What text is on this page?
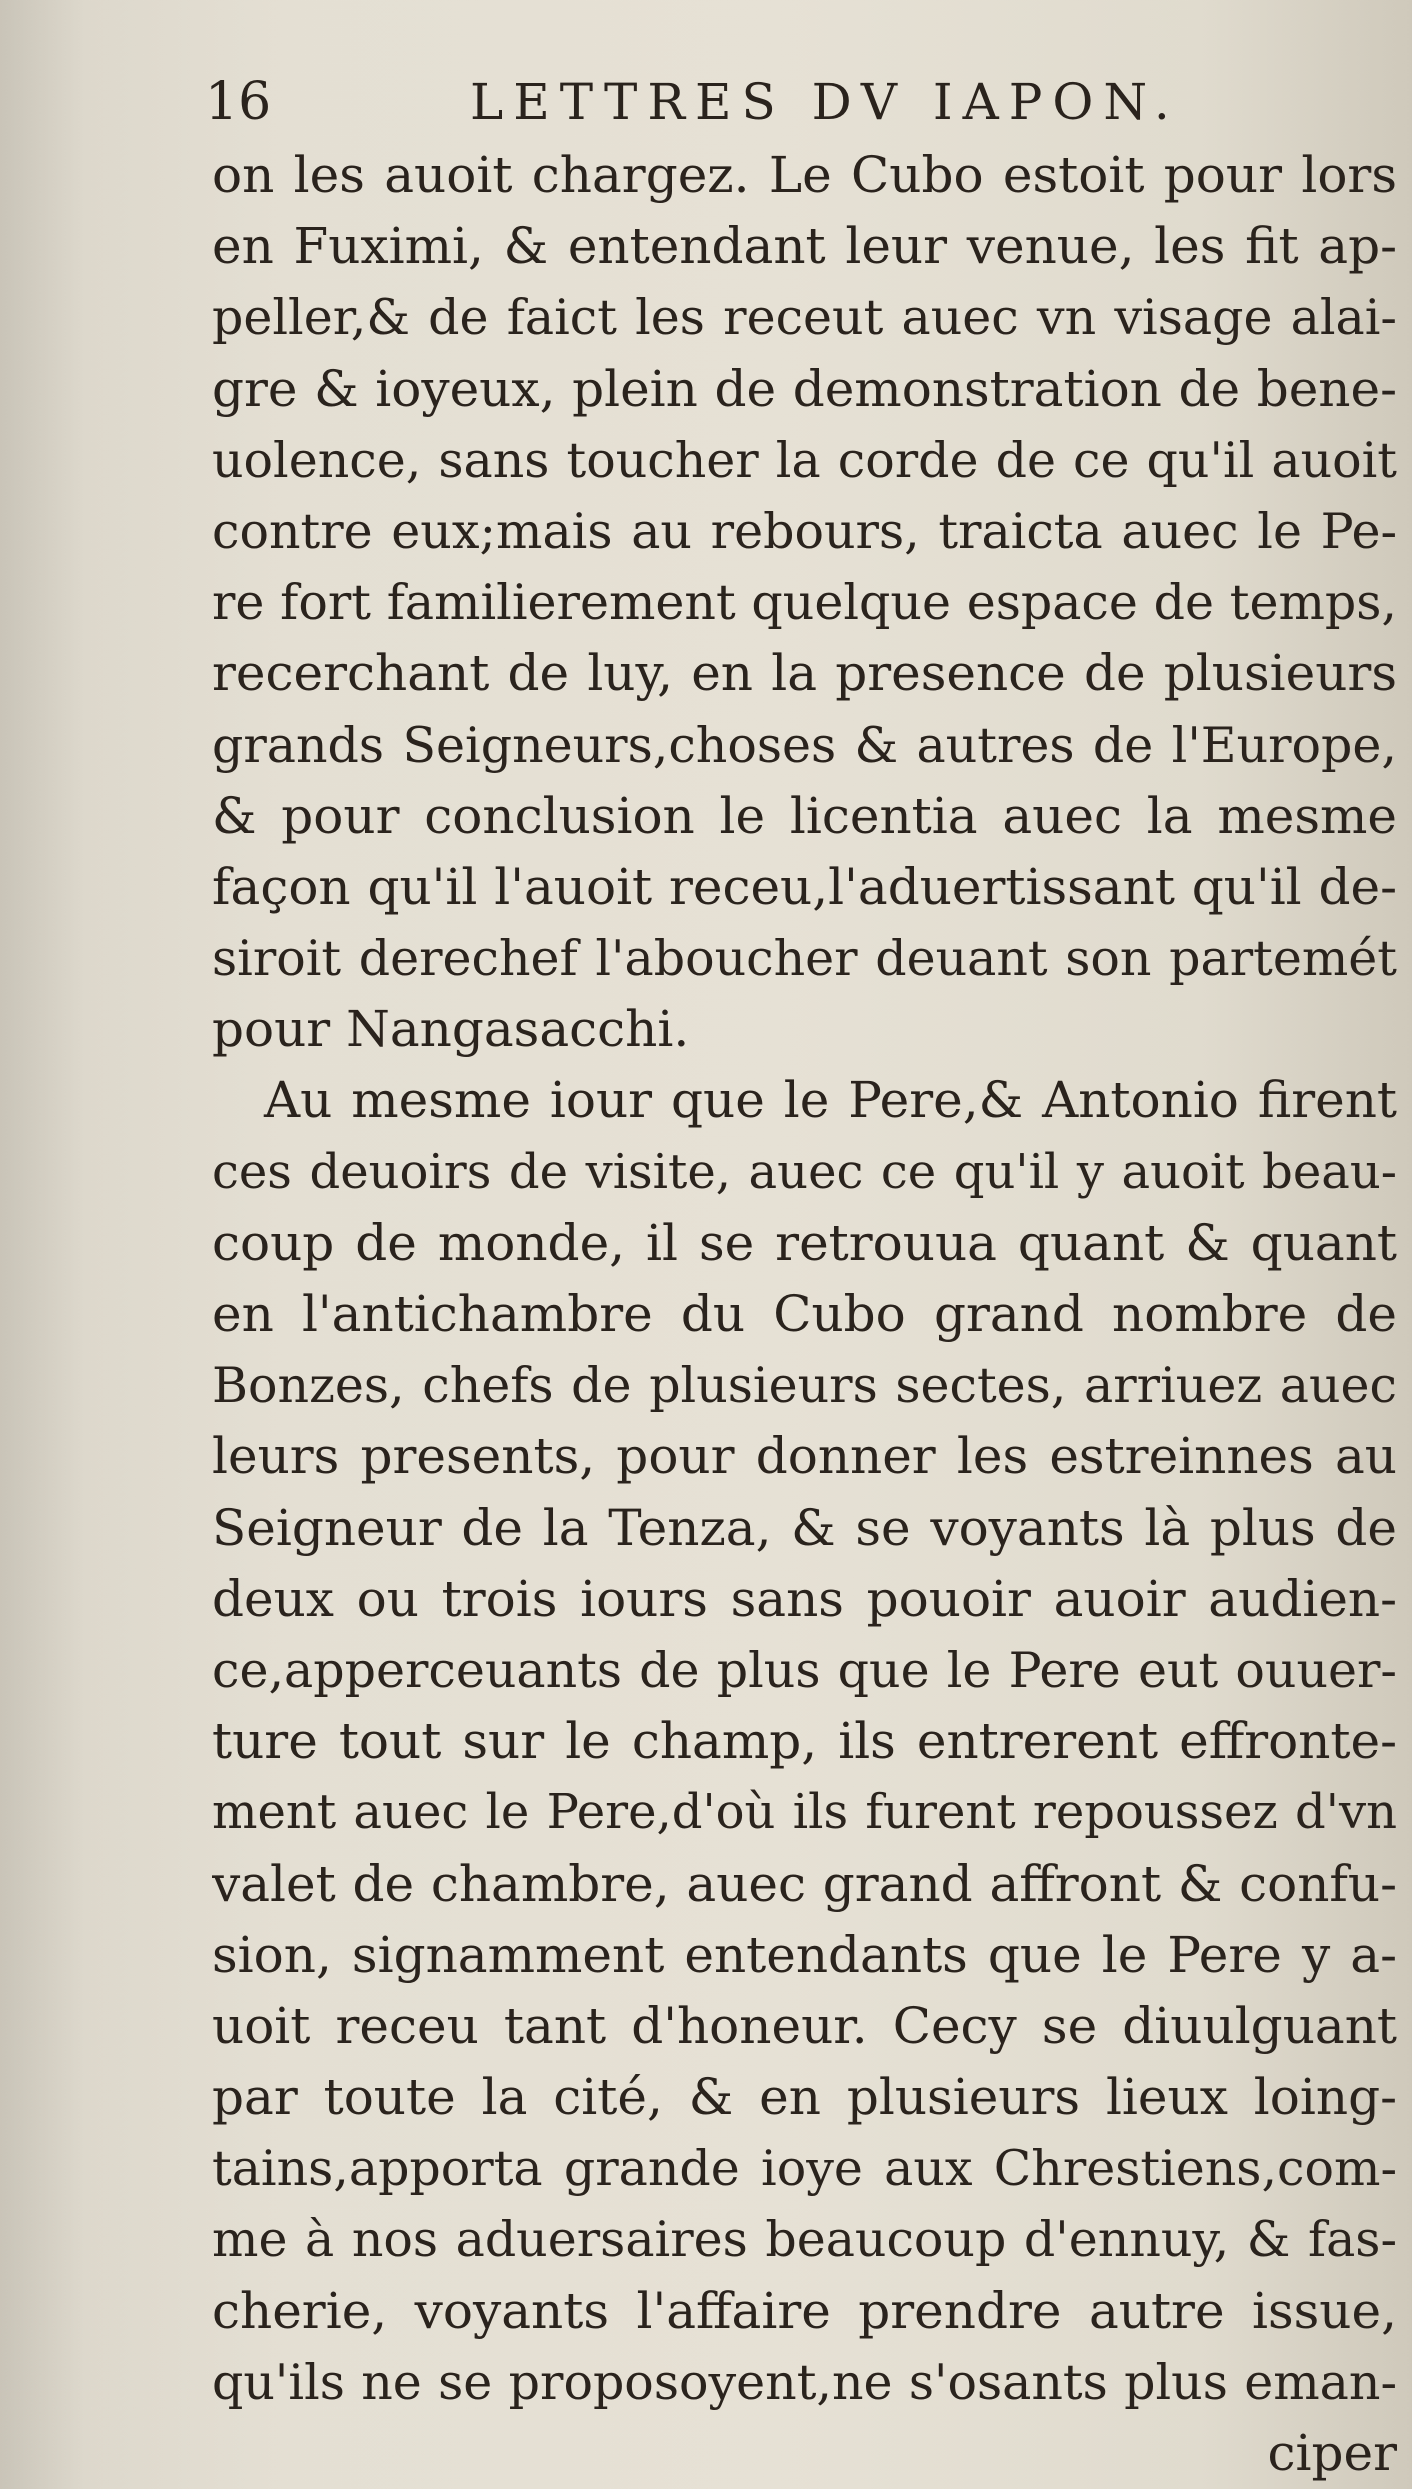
16	LETTRES DV IAPON.
on les auoit chargez. Le Cubo estoit pour lors
en Fuximi, & entendant leur venue, les fit ap-
peller,& de faict les receut auec vn visage alai-
gre & ioyeux, plein de demonstration de bene-
uolence, sans toucher la corde de ce qu'il auoit
contre eux;mais au rebours, traicta auec le Pe-
re fort familierement quelque espace de temps,
recerchant de luy, en la presence de plusieurs
grands Seigneurs,choses & autres de l'Europe,
& pour conclusion le licentia auec la mesme
façon qu'il l'auoit receu,l'aduertissant qu'il de-
siroit derechef l'aboucher deuant son partemét
pour Nangasacchi.
Au mesme iour que le Pere,& Antonio firent
ces deuoirs de visite, auec ce qu'il y auoit beau-
coup de monde, il se retrouua quant & quant
en l'antichambre du Cubo grand nombre de
Bonzes, chefs de plusieurs sectes, arriuez auec
leurs presents, pour donner les estreinnes au
Seigneur de la Tenza, & se voyants là plus de
deux ou trois iours sans pouoir auoir audien-
ce,apperceuants de plus que le Pere eut ouuer-
ture tout sur le champ, ils entrerent effronte-
ment auec le Pere,d'où ils furent repoussez d'vn
valet de chambre, auec grand affront & confu-
sion, signamment entendants que le Pere y a-
uoit receu tant d'honeur. Cecy se diuulguant
par toute la cité, & en plusieurs lieux loing-
tains,apporta grande ioye aux Chrestiens,com-
me à nos aduersaires beaucoup d'ennuy, & fas-
cherie, voyants l'affaire prendre autre issue,
qu'ils ne se proposoyent,ne s'osants plus eman-
ciper
